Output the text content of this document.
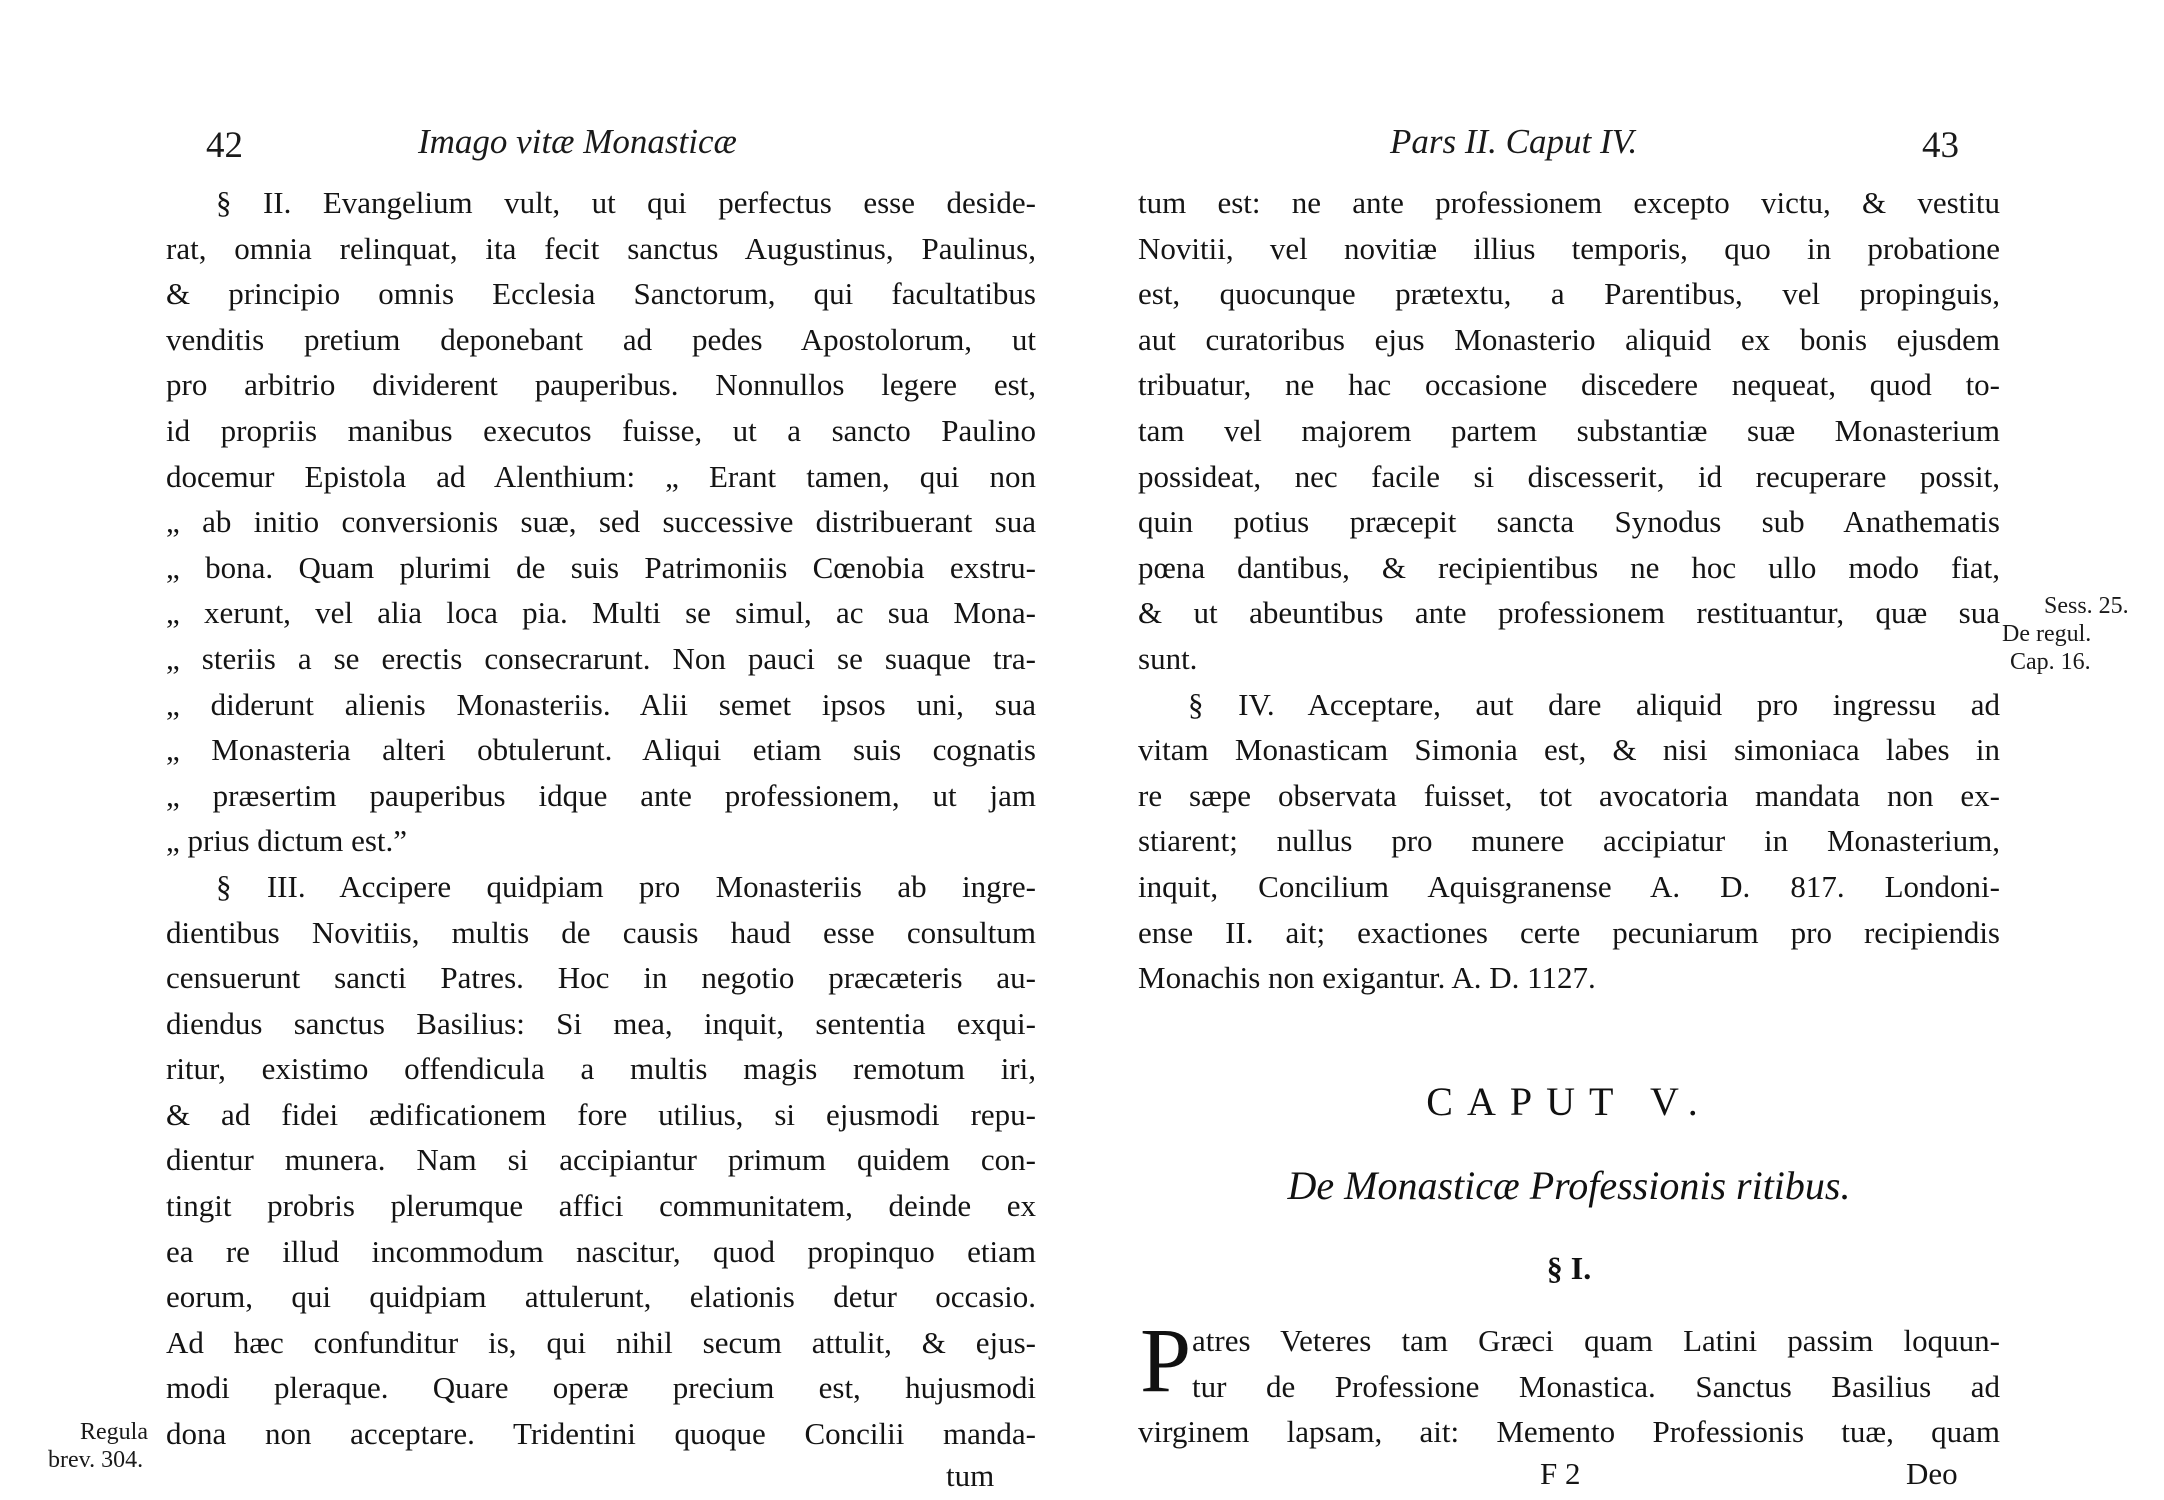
42	Imago vitæ Monasticæ
§ II. Evangelium vult, ut qui perfectus esse deside-
rat, omnia relinquat, ita fecit sanctus Augustinus, Paulinus,
& principio omnis Ecclesia Sanctorum, qui facultatibus
venditis pretium deponebant ad pedes Apostolorum, ut
pro arbitrio dividerent pauperibus. Nonnullos legere est,
id propriis manibus executos fuisse, ut a sancto Paulino
docemur Epistola ad Alenthium: „ Erant tamen, qui non
„ ab initio conversionis suæ, sed successive distribuerant sua
„ bona. Quam plurimi de suis Patrimoniis Cœnobia exstru-
„ xerunt, vel alia loca pia. Multi se simul, ac sua Mona-
„ steriis a se erectis consecrarunt. Non pauci se suaque tra-
„ diderunt alienis Monasteriis. Alii semet ipsos uni, sua
„ Monasteria alteri obtulerunt. Aliqui etiam suis cognatis
„ præsertim pauperibus idque ante professionem, ut jam
„ prius dictum est.”
§ III. Accipere quidpiam pro Monasteriis ab ingre-
dientibus Novitiis, multis de causis haud esse consultum
censuerunt sancti Patres. Hoc in negotio præcæteris au-
diendus sanctus Basilius: Si mea, inquit, sententia exqui-
ritur, existimo offendicula a multis magis remotum iri,
& ad fidei ædificationem fore utilius, si ejusmodi repu-
dientur munera. Nam si accipiantur primum quidem con-
tingit probris plerumque affici communitatem, deinde ex
ea re illud incommodum nascitur, quod propinquo etiam
eorum, qui quidpiam attulerunt, elationis detur occasio.
Ad hæc confunditur is, qui nihil secum attulit, & ejus-
modi pleraque. Quare operæ precium est, hujusmodi
dona non acceptare. Tridentini quoque Concilii manda-
tum
Regula
brev. 304.
Pars II. Caput IV.	43
tum est: ne ante professionem excepto victu, & vestitu
Novitii, vel novitiæ illius temporis, quo in probatione
est, quocunque prætextu, a Parentibus, vel propinguis,
aut curatoribus ejus Monasterio aliquid ex bonis ejusdem
tribuatur, ne hac occasione discedere nequeat, quod to-
tam vel majorem partem substantiæ suæ Monasterium
possideat, nec facile si discesserit, id recuperare possit,
quin potius præcepit sancta Synodus sub Anathematis
pœna dantibus, & recipientibus ne hoc ullo modo fiat,
& ut abeuntibus ante professionem restituantur, quæ sua
sunt.
§ IV. Acceptare, aut dare aliquid pro ingressu ad
vitam Monasticam Simonia est, & nisi simoniaca labes in
re sæpe observata fuisset, tot avocatoria mandata non ex-
stiarent; nullus pro munere accipiatur in Monasterium,
inquit, Concilium Aquisgranense A. D. 817. Londoni-
ense II. ait; exactiones certe pecuniarum pro recipiendis
Monachis non exigantur. A. D. 1127.
Sess. 25.
De regul.
Cap. 16.
CAPUT V.
De Monasticæ Professionis ritibus.
§ I.
P atres Veteres tam Græci quam Latini passim loquun-
tur de Professione Monastica. Sanctus Basilius ad
virginem lapsam, ait: Memento Professionis tuæ, quam
F 2	Deo
